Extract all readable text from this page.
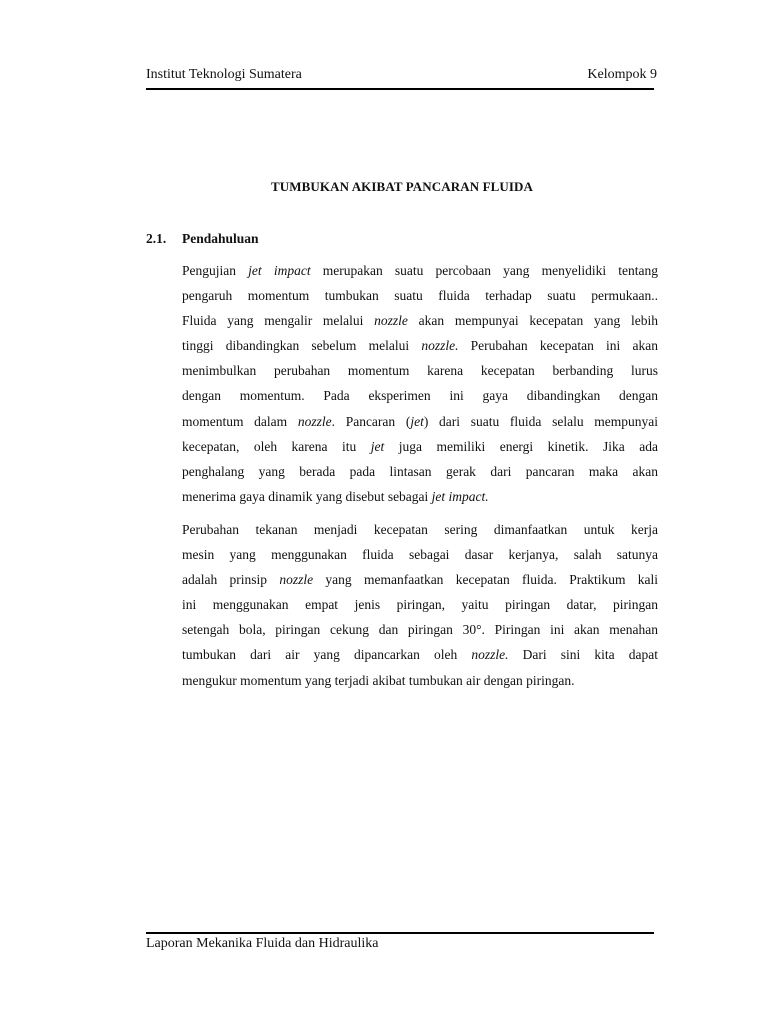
Institut Teknologi Sumatera	Kelompok 9
TUMBUKAN AKIBAT PANCARAN FLUIDA
2.1. Pendahuluan
Pengujian jet impact merupakan suatu percobaan yang menyelidiki tentang
pengaruh momentum tumbukan suatu fluida terhadap suatu permukaan..
Fluida yang mengalir melalui nozzle akan mempunyai kecepatan yang lebih
tinggi dibandingkan sebelum melalui nozzle. Perubahan kecepatan ini akan
menimbulkan perubahan momentum karena kecepatan berbanding lurus
dengan momentum. Pada eksperimen ini gaya dibandingkan dengan
momentum dalam nozzle. Pancaran (jet) dari suatu fluida selalu mempunyai
kecepatan, oleh karena itu jet juga memiliki energi kinetik. Jika ada
penghalang yang berada pada lintasan gerak dari pancaran maka akan
menerima gaya dinamik yang disebut sebagai jet impact.
Perubahan tekanan menjadi kecepatan sering dimanfaatkan untuk kerja
mesin yang menggunakan fluida sebagai dasar kerjanya, salah satunya
adalah prinsip nozzle yang memanfaatkan kecepatan fluida. Praktikum kali
ini menggunakan empat jenis piringan, yaitu piringan datar, piringan
setengah bola, piringan cekung dan piringan 30°. Piringan ini akan menahan
tumbukan dari air yang dipancarkan oleh nozzle. Dari sini kita dapat
mengukur momentum yang terjadi akibat tumbukan air dengan piringan.
Laporan Mekanika Fluida dan Hidraulika
